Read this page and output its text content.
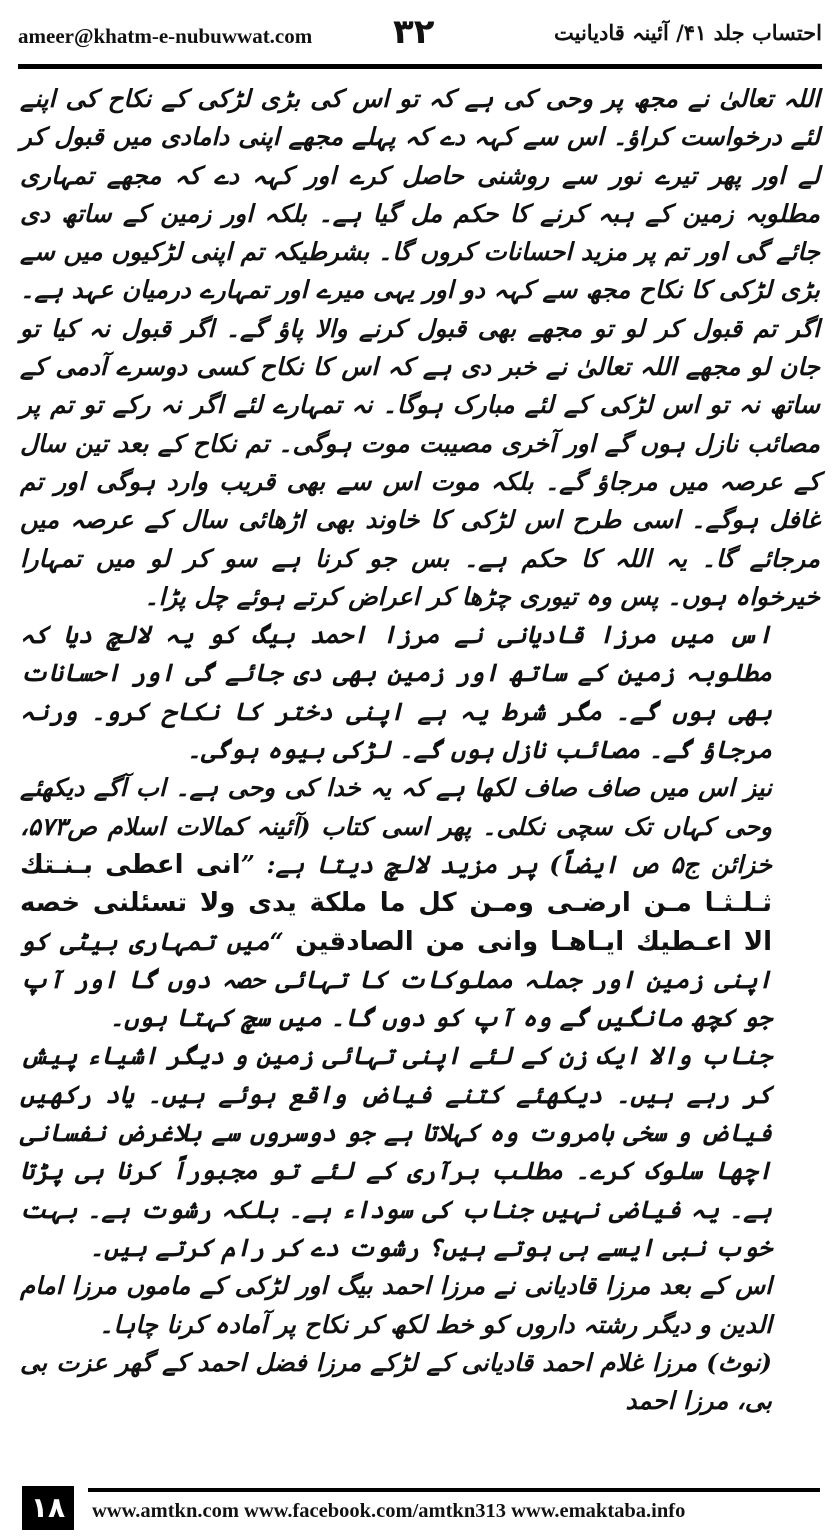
ameer@khatm-e-nubuwwat.com ۳۲	احتساب جلد ۴۱/ آئینہ قادیانیت

اللہ تعالیٰ نے مجھ پر وحی کی ہے کہ تو اس کی بڑی لڑکی کے نکاح کی اپنے لئے درخواست کراؤ۔ اس سے کہہ دے کہ پہلے مجھے اپنی دامادی میں قبول کر لے اور پھر تیرے نور سے روشنی حاصل کرے اور کہہ دے کہ مجھے تمہاری مطلوبہ زمین کے ہبہ کرنے کا حکم مل گیا ہے۔ بلکہ اور زمین کے ساتھ دی جائے گی اور تم پر مزید احسانات کروں گا۔ بشرطیکہ تم اپنی لڑکیوں میں سے بڑی لڑکی کا نکاح مجھ سے کہہ دو اور یہی میرے اور تمہارے درمیان عہد ہے۔ اگر تم قبول کر لو تو مجھے بھی قبول کرنے والا پاؤ گے۔ اگر قبول نہ کیا تو جان لو مجھے اللہ تعالیٰ نے خبر دی ہے کہ اس کا نکاح کسی دوسرے آدمی کے ساتھ نہ تو اس لڑکی کے لئے مبارک ہوگا۔ نہ تمہارے لئے اگر نہ رکے تو تم پر مصائب نازل ہوں گے اور آخری مصیبت موت ہوگی۔ تم نکاح کے بعد تین سال کے عرصہ میں مرجاؤ گے۔ بلکہ موت اس سے بھی قریب وارد ہوگی اور تم غافل ہوگے۔ اسی طرح اس لڑکی کا خاوند بھی اڑھائی سال کے عرصہ میں مرجائے گا۔ یہ اللہ کا حکم ہے۔ بس جو کرنا ہے سو کر لو میں تمہارا خیرخواہ ہوں۔ پس وہ تیوری چڑھا کر اعراض کرتے ہوئے چل پڑا۔

اس میں مرزا قادیانی نے مرزا احمد بیگ کو یہ لالچ دیا کہ مطلوبہ زمین کے ساتھ اور زمین بھی دی جائے گی اور احسانات بھی ہوں گے۔ مگر شرط یہ ہے اپنی دختر کا نکاح کرو۔ ورنہ مرجاؤ گے۔ مصائب نازل ہوں گے۔ لڑکی بیوہ ہوگی۔

نیز اس میں صاف صاف لکھا ہے کہ یہ خدا کی وحی ہے۔ اب آگے دیکھئے وحی کہاں تک سچی نکلی۔ پھر اسی کتاب (آئینہ کمالات اسلام ص۵۷۳، خزائن ج۵ ص ایضاً) پر مزید لالچ دیتا ہے: ”انی اعطی بـنـتك ثـلـثـا مـن ارضـی ومـن كل ما ملكة يدی ولا تسئلنی خصه الا اعـطيك ايـاهـا وانی من الصادقین “میں تمہاری بیٹی کو اپنی زمین اور جملہ مملوکات کا تہائی حصہ دوں گا اور آپ جو کچھ مانگیں گے وہ آپ کو دوں گا۔ میں سچ کہتا ہوں۔

جناب والا ایک زن کے لئے اپنی تہائی زمین و دیگر اشیاء پیش کر رہے ہیں۔ دیکھئے کتنے فیاض واقع ہوئے ہیں۔ یاد رکھیں فیاض و سخی بامروت وہ کہلاتا ہے جو دوسروں سے بلاغرض نفسانی اچھا سلوک کرے۔ مطلب برآری کے لئے تو مجبوراً کرنا ہی پڑتا ہے۔ یہ فیاضی نہیں جناب کی سوداء ہے۔ بلکہ رشوت ہے۔ بہت خوب نبی ایسے ہی ہوتے ہیں؟ رشوت دے کر رام کرتے ہیں۔

اس کے بعد مرزا قادیانی نے مرزا احمد بیگ اور لڑکی کے ماموں مرزا امام الدین و دیگر رشتہ داروں کو خط لکھ کر نکاح پر آمادہ کرنا چاہا۔

(نوٹ) مرزا غلام احمد قادیانی کے لڑکے مرزا فضل احمد کے گھر عزت بی بی، مرزا احمد

۱۸	www.amtkn.com www.facebook.com/amtkn313 www.emaktaba.info
